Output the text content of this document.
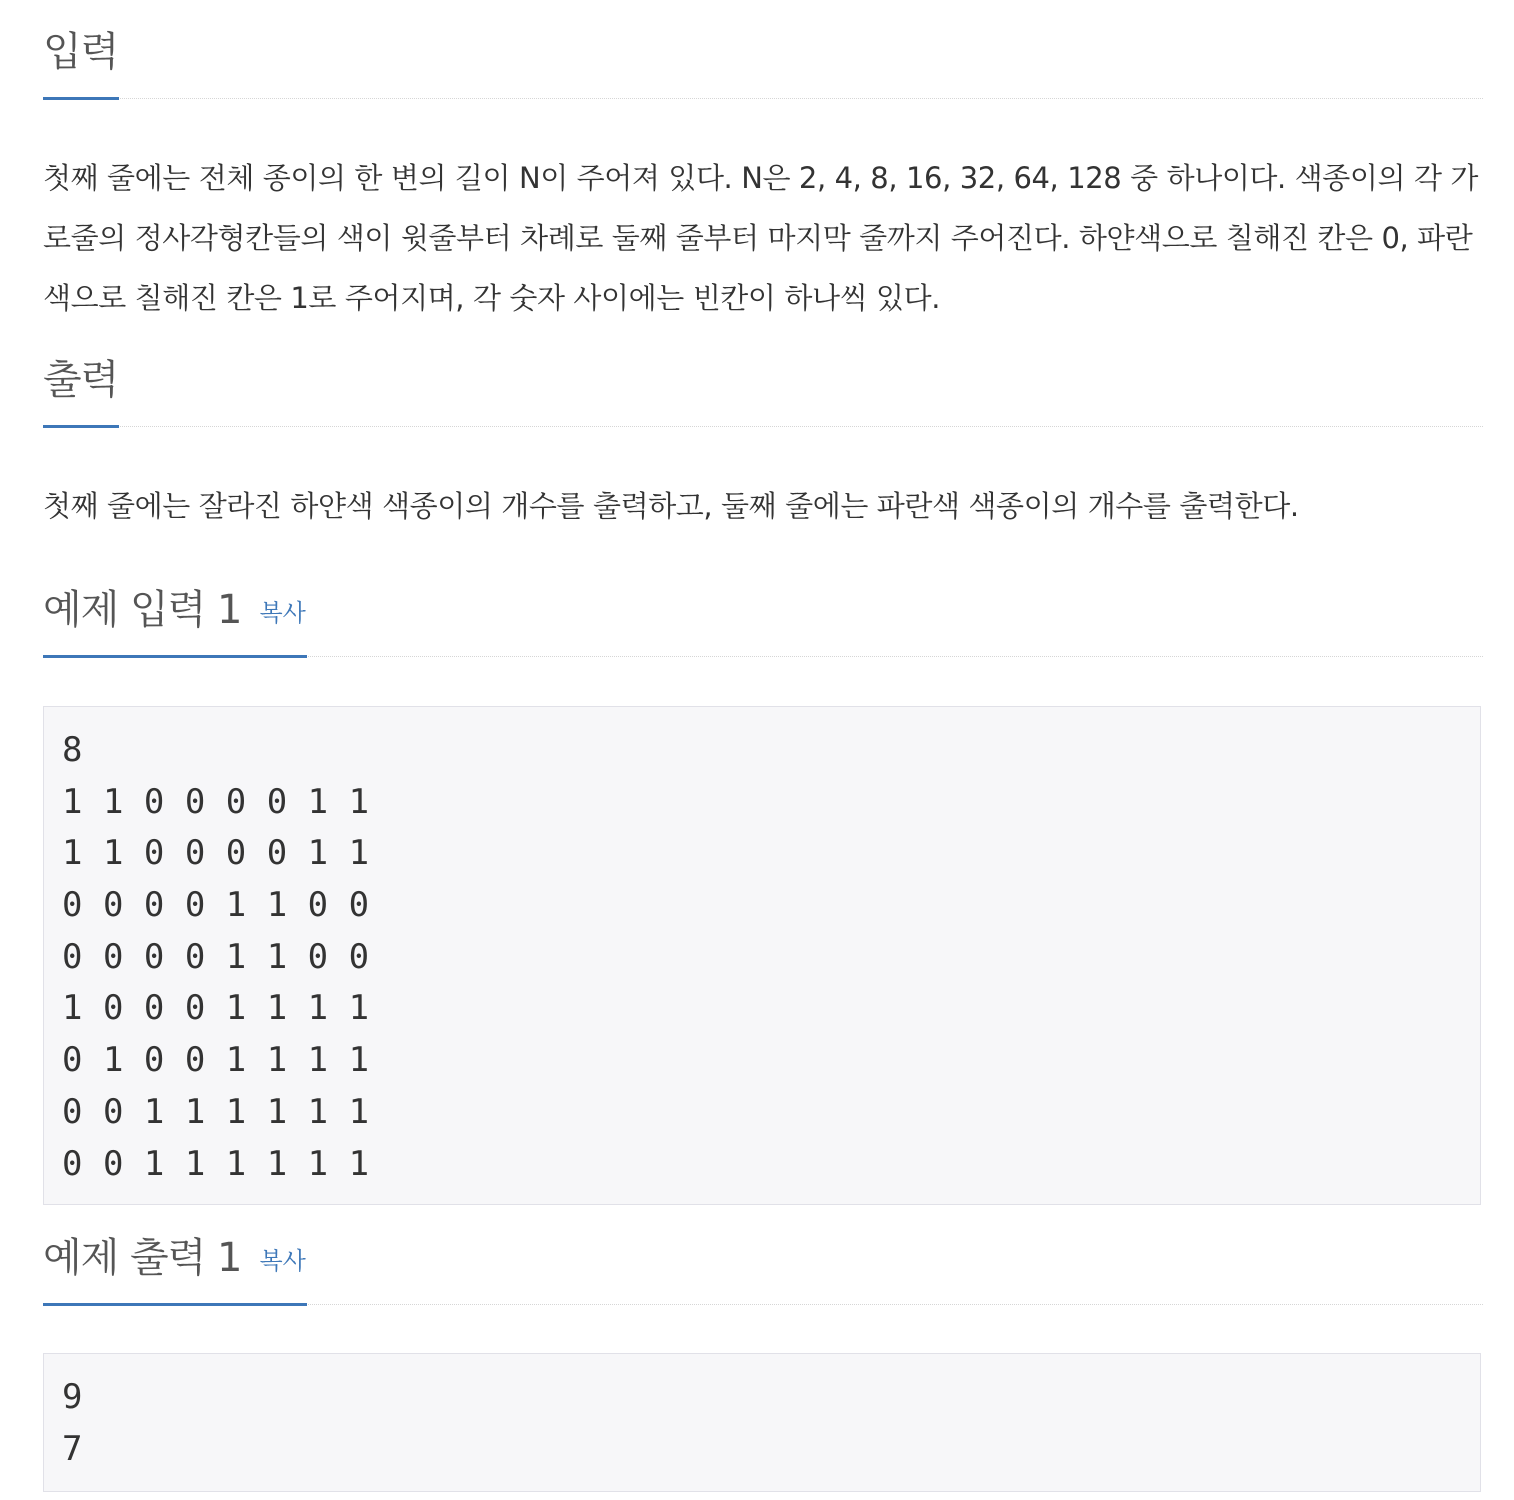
입력

첫째 줄에는 전체 종이의 한 변의 길이 N이 주어져 있다. N은 2, 4, 8, 16, 32, 64, 128 중 하나이다. 색종이의 각 가로줄의 정사각형칸들의 색이 윗줄부터 차례로 둘째 줄부터 마지막 줄까지 주어진다. 하얀색으로 칠해진 칸은 0, 파란색으로 칠해진 칸은 1로 주어지며, 각 숫자 사이에는 빈칸이 하나씩 있다.

출력

첫째 줄에는 잘라진 하얀색 색종이의 개수를 출력하고, 둘째 줄에는 파란색 색종이의 개수를 출력한다.

예제 입력 1 복사
8
1 1 0 0 0 0 1 1
1 1 0 0 0 0 1 1
0 0 0 0 1 1 0 0
0 0 0 0 1 1 0 0
1 0 0 0 1 1 1 1
0 1 0 0 1 1 1 1
0 0 1 1 1 1 1 1
0 0 1 1 1 1 1 1
예제 출력 1 복사
9
7
